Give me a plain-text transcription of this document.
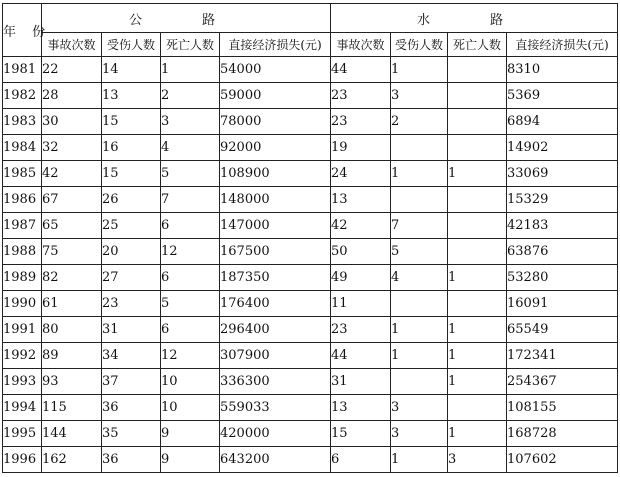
年 份	公 路				水 路			
	事故次数	受伤人数	死亡人数	直接经济损失(元)	事故次数	受伤人数	死亡人数	直接经济损失(元)
1981	22	14	1	54000	44	1		8310
1982	28	13	2	59000	23	3		5369
1983	30	15	3	78000	23	2		6894
1984	32	16	4	92000	19			14902
1985	42	15	5	108900	24	1	1	33069
1986	67	26	7	148000	13			15329
1987	65	25	6	147000	42	7		42183
1988	75	20	12	167500	50	5		63876
1989	82	27	6	187350	49	4	1	53280
1990	61	23	5	176400	11			16091
1991	80	31	6	296400	23	1	1	65549
1992	89	34	12	307900	44	1	1	172341
1993	93	37	10	336300	31		1	254367
1994	115	36	10	559033	13	3		108155
1995	144	35	9	420000	15	3	1	168728
1996	162	36	9	643200	6	1	3	107602
